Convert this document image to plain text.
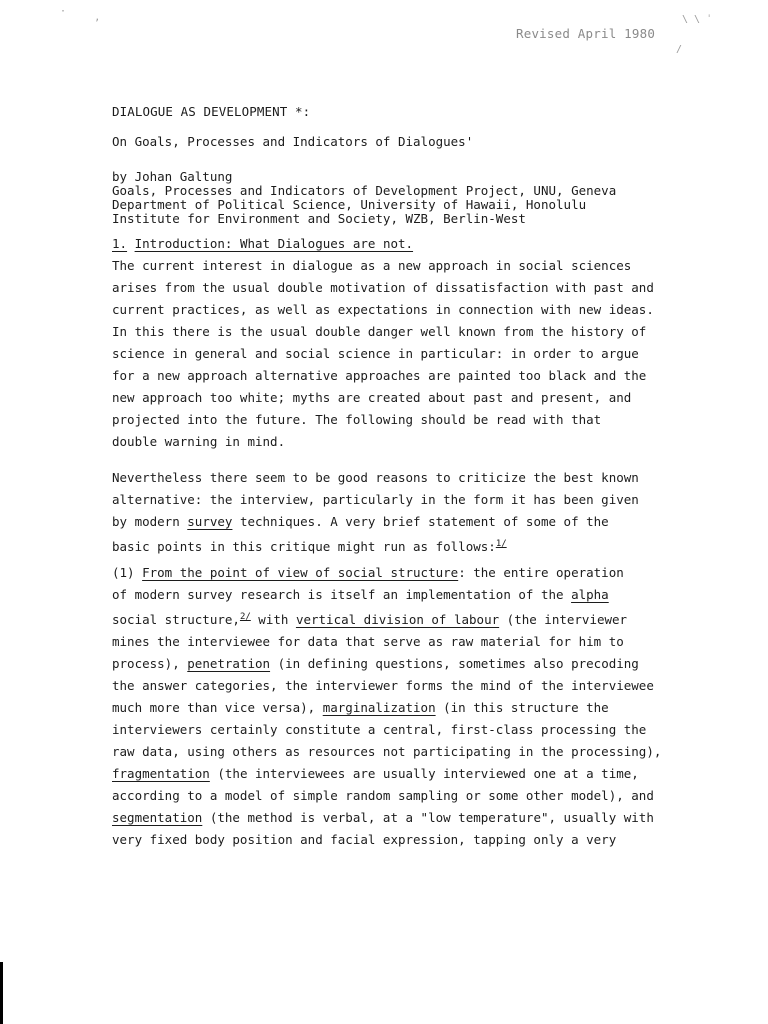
·
ʼ	\ \ ˈ
/
Revised April 1980
DIALOGUE AS DEVELOPMENT *:
On Goals, Processes and Indicators of Dialogues'
by Johan Galtung
Goals, Processes and Indicators of Development Project, UNU, Geneva
Department of Political Science, University of Hawaii, Honolulu
Institute for Environment and Society, WZB, Berlin-West
1. Introduction: What Dialogues are not.
The current interest in dialogue as a new approach in social sciences
arises from the usual double motivation of dissatisfaction with past and
current practices, as well as expectations in connection with new ideas.
In this there is the usual double danger well known from the history of
science in general and social science in particular: in order to argue
for a new approach alternative approaches are painted too black and the
new approach too white; myths are created about past and present, and
projected into the future. The following should be read with that
double warning in mind.
Nevertheless there seem to be good reasons to criticize the best known
alternative: the interview, particularly in the form it has been given
by modern survey techniques. A very brief statement of some of the
basic points in this critique might run as follows:$^{1/}$
(1) From the point of view of social structure: the entire operation
of modern survey research is itself an implementation of the alpha
social structure,$^{2/}$ with vertical division of labour (the interviewer
mines the interviewee for data that serve as raw material for him to
process), penetration (in defining questions, sometimes also precoding
the answer categories, the interviewer forms the mind of the interviewee
much more than vice versa), marginalization (in this structure the
interviewers certainly constitute a central, first-class processing the
raw data, using others as resources not participating in the processing),
fragmentation (the interviewees are usually interviewed one at a time,
according to a model of simple random sampling or some other model), and
segmentation (the method is verbal, at a "low temperature", usually with
very fixed body position and facial expression, tapping only a very
